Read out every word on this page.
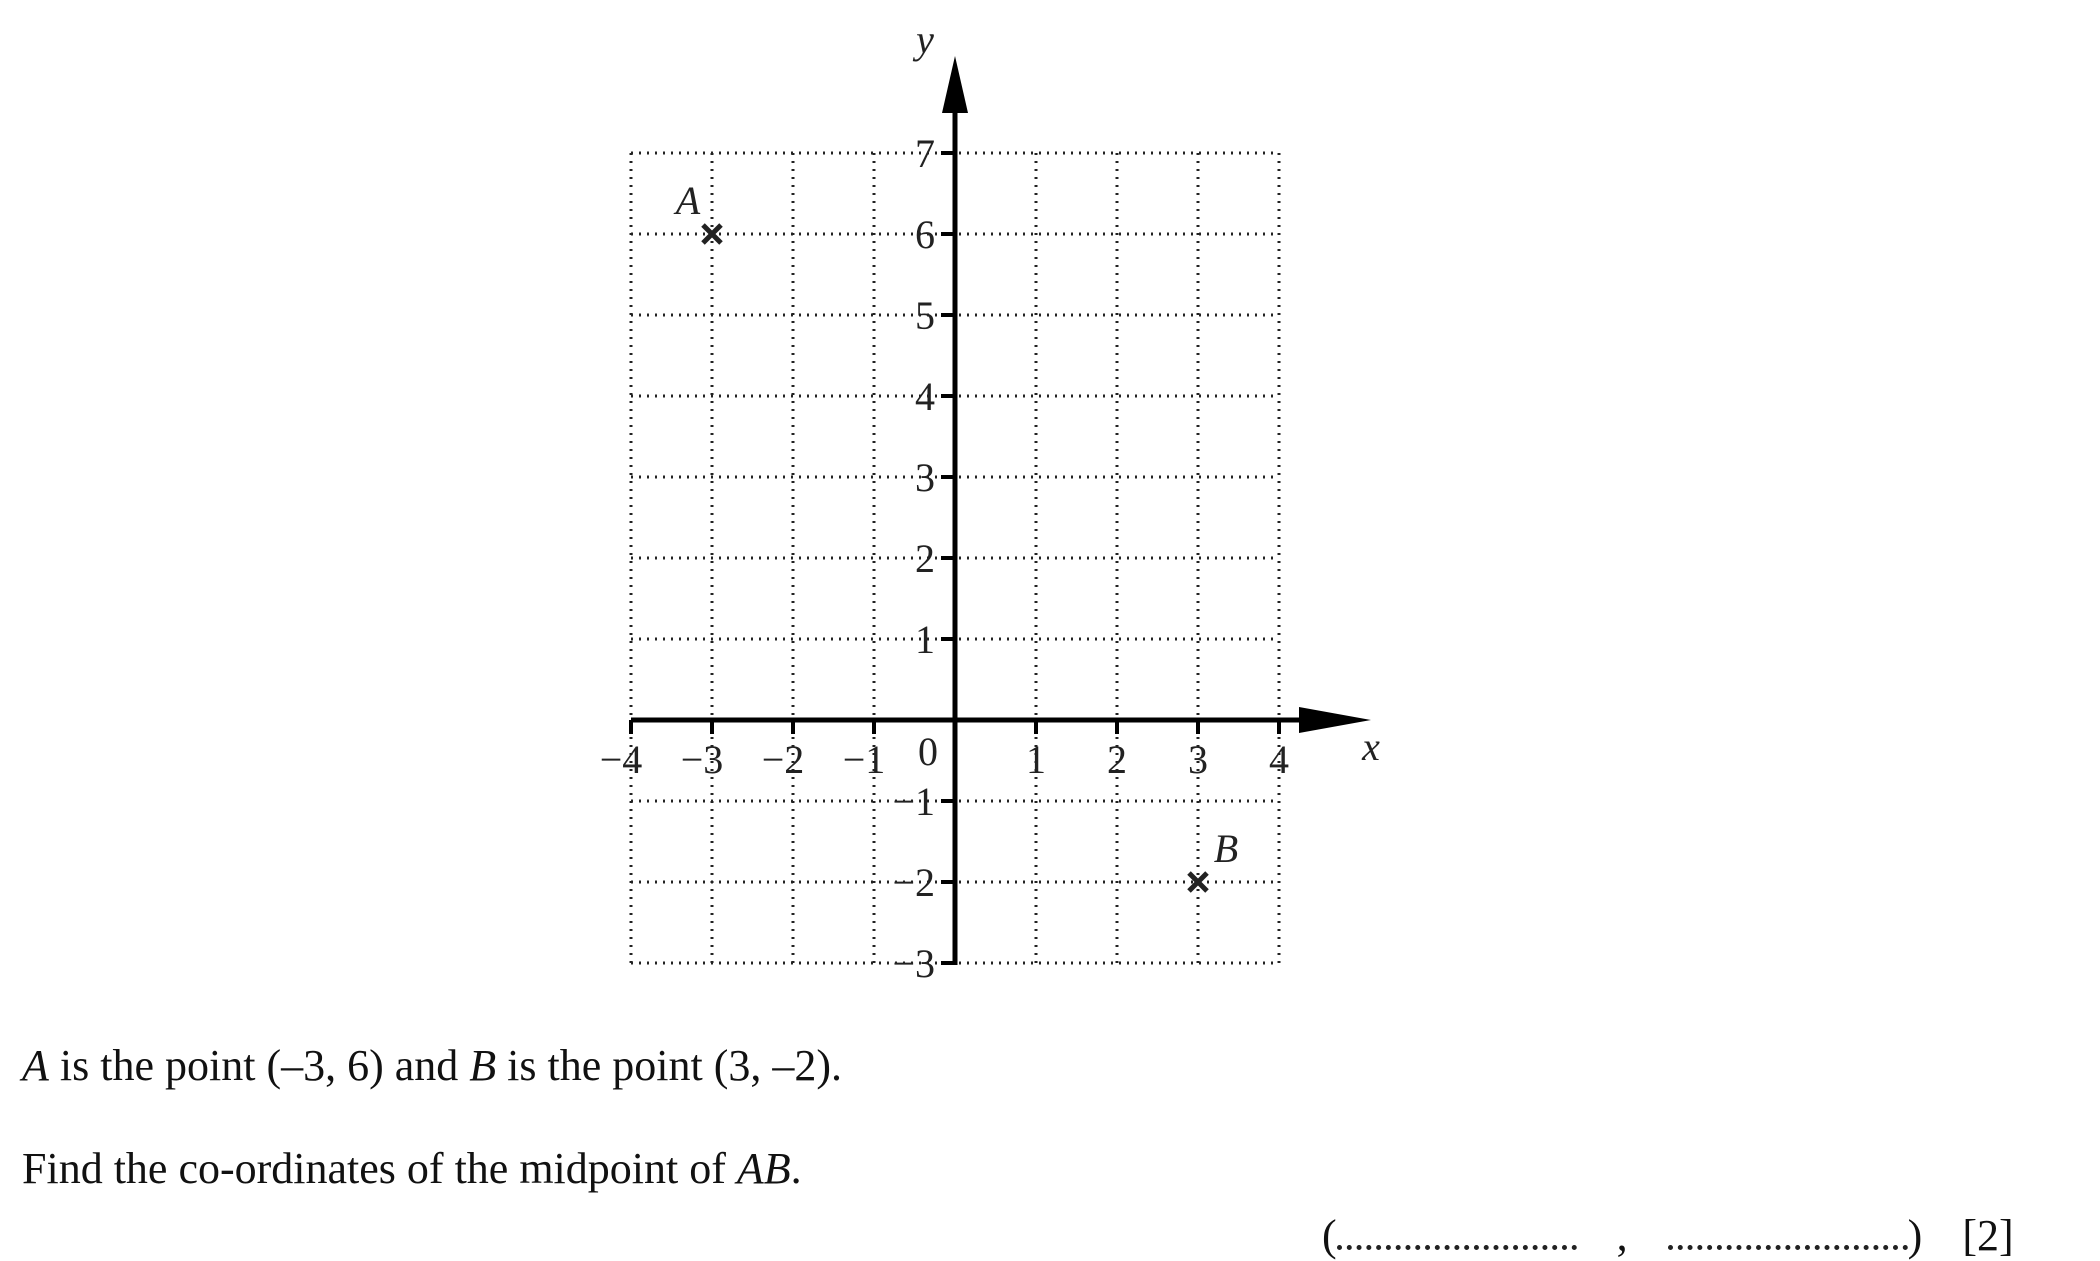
x
y
0
−4 −3 −2 −1	1 2 3 4
7
6
5
4
3
2
1
−1
−2
−3
A
B
A is the point (–3, 6) and B is the point (3, –2).
Find the co-ordinates of the midpoint of AB.
(	,	) [2]
